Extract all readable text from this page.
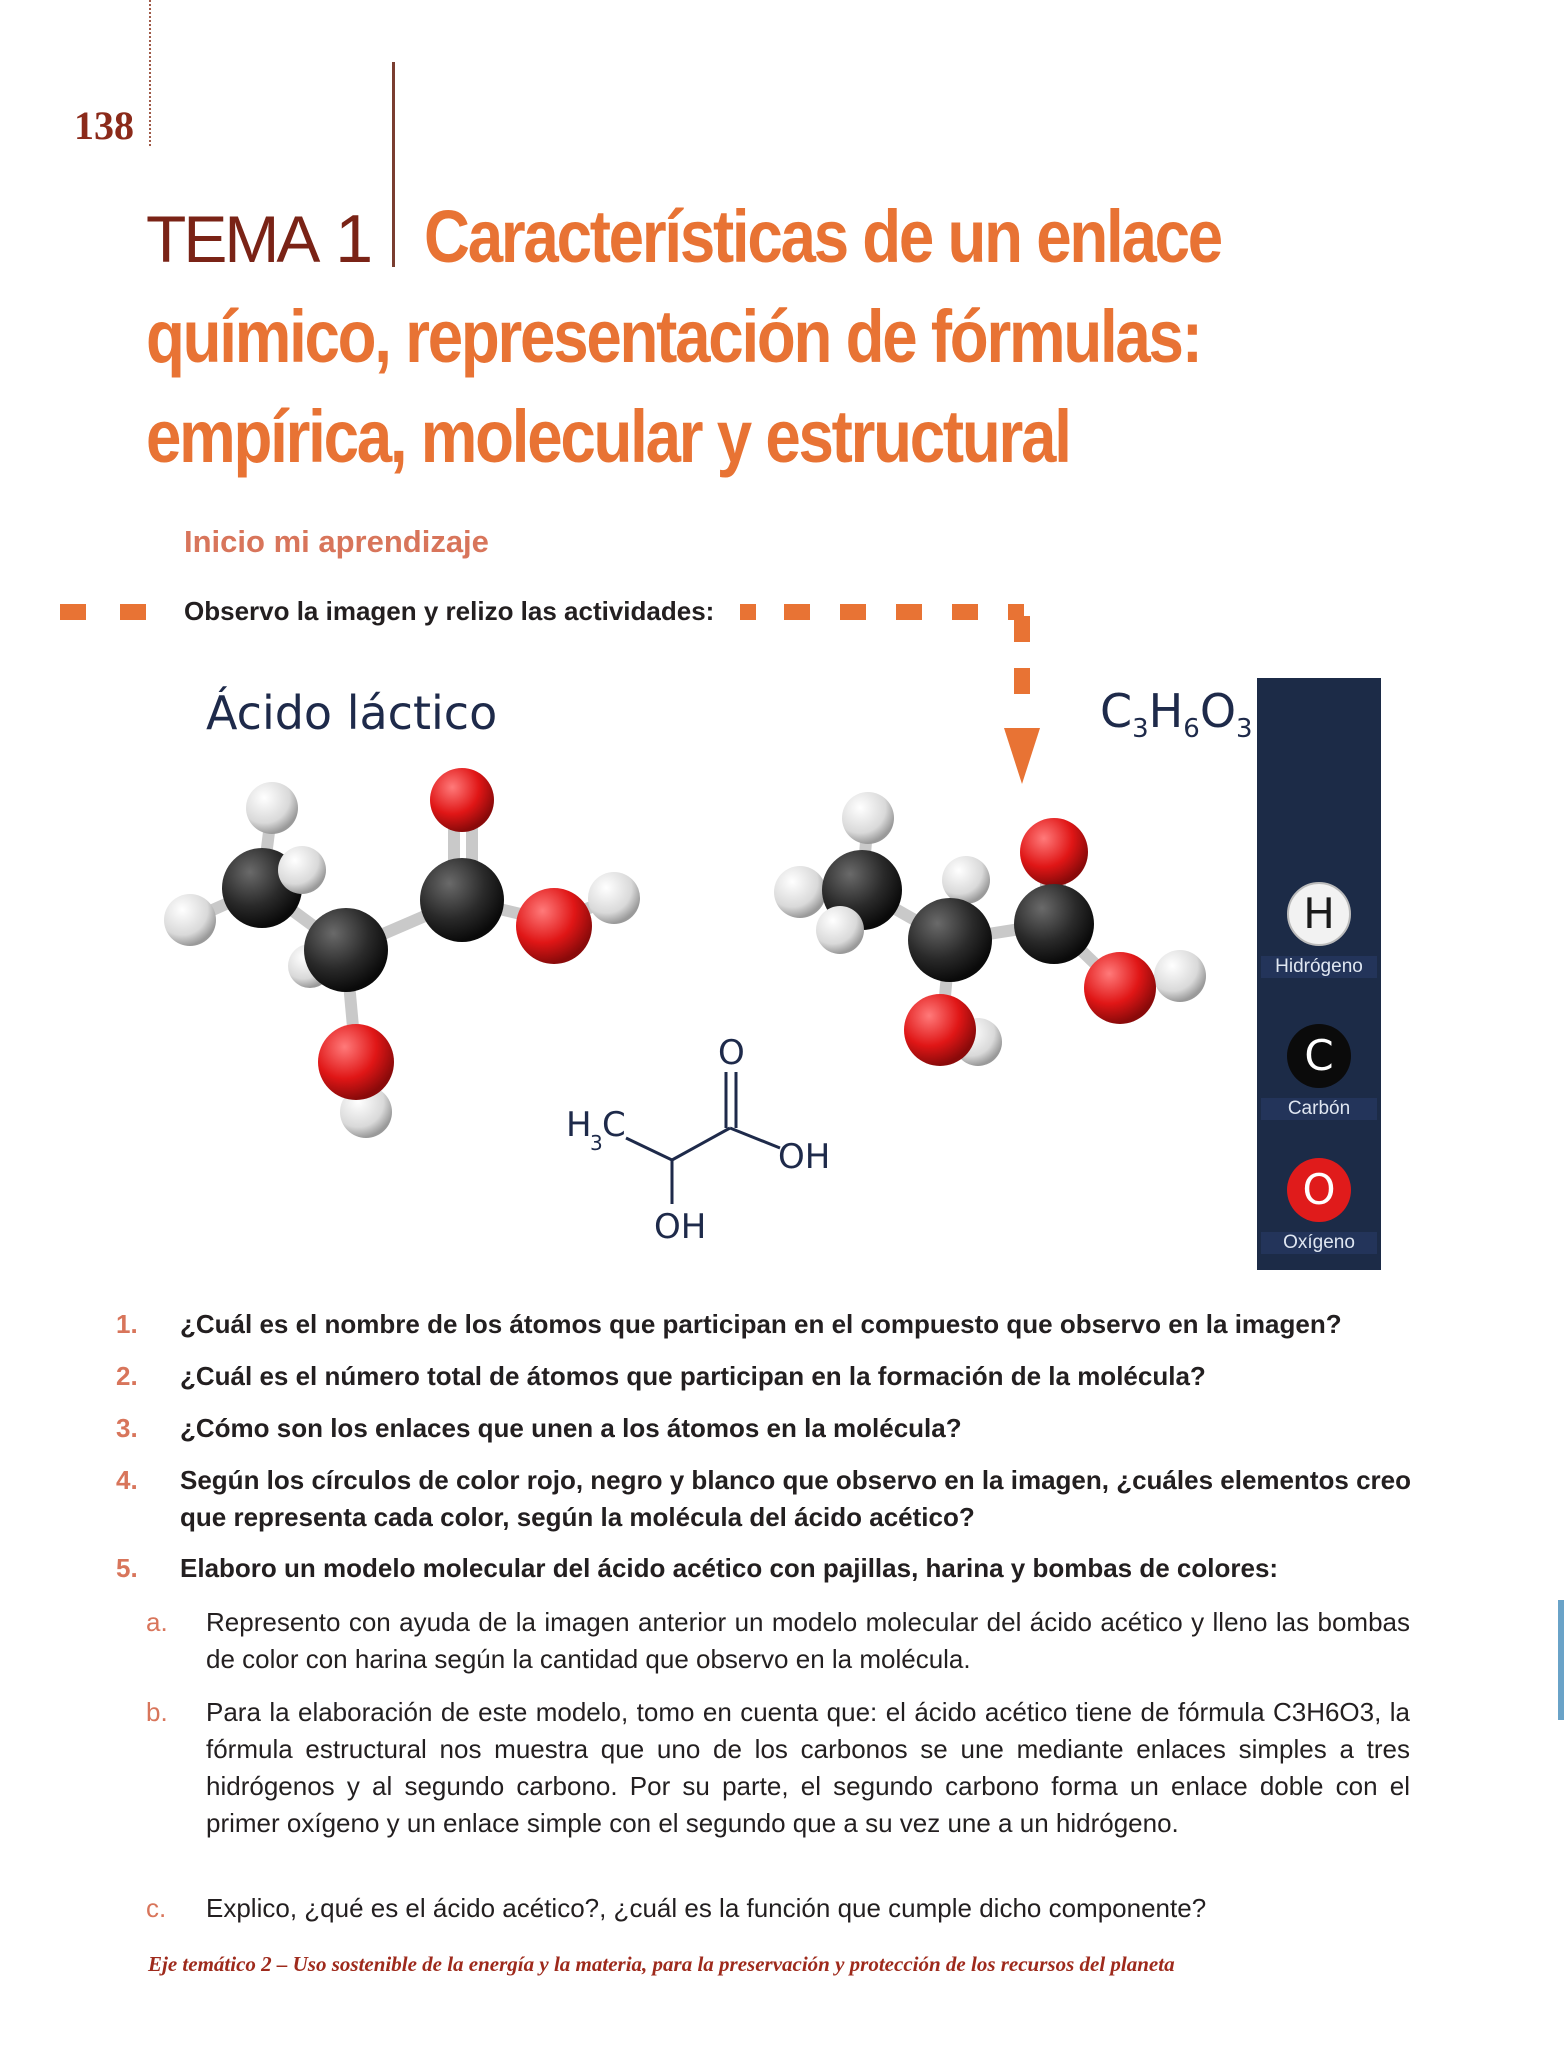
138
TEMA 1 Características de un enlace
químico, representación de fórmulas:
empírica, molecular y estructural
Inicio mi aprendizaje
Observo la imagen y relizo las actividades:
Ácido láctico	$C_3H_6O_3$
O
OH
OH
H
3 C
H
Hidrógeno
C
Carbón
O
Oxígeno
1. ¿Cuál es el nombre de los átomos que participan en el compuesto que observo en la imagen?
2. ¿Cuál es el número total de átomos que participan en la formación de la molécula?
3. ¿Cómo son los enlaces que unen a los átomos en la molécula?
4. Según los círculos de color rojo, negro y blanco que observo en la imagen, ¿cuáles elementos creo que representa cada color, según la molécula del ácido acético?
5. Elaboro un modelo molecular del ácido acético con pajillas, harina y bombas de colores:
a. Represento con ayuda de la imagen anterior un modelo molecular del ácido acético y lleno las bombas de color con harina según la cantidad que observo en la molécula.
b. Para la elaboración de este modelo, tomo en cuenta que: el ácido acético tiene de fórmula C3H6O3, la fórmula estructural nos muestra que uno de los carbonos se une mediante enlaces simples a tres hidrógenos y al segundo carbono. Por su parte, el segundo carbono forma un enlace doble con el primer oxígeno y un enlace simple con el segundo que a su vez une a un hidrógeno.
c. Explico, ¿qué es el ácido acético?, ¿cuál es la función que cumple dicho componente?
Eje temático 2 – Uso sostenible de la energía y la materia, para la preservación y protección de los recursos del planeta
